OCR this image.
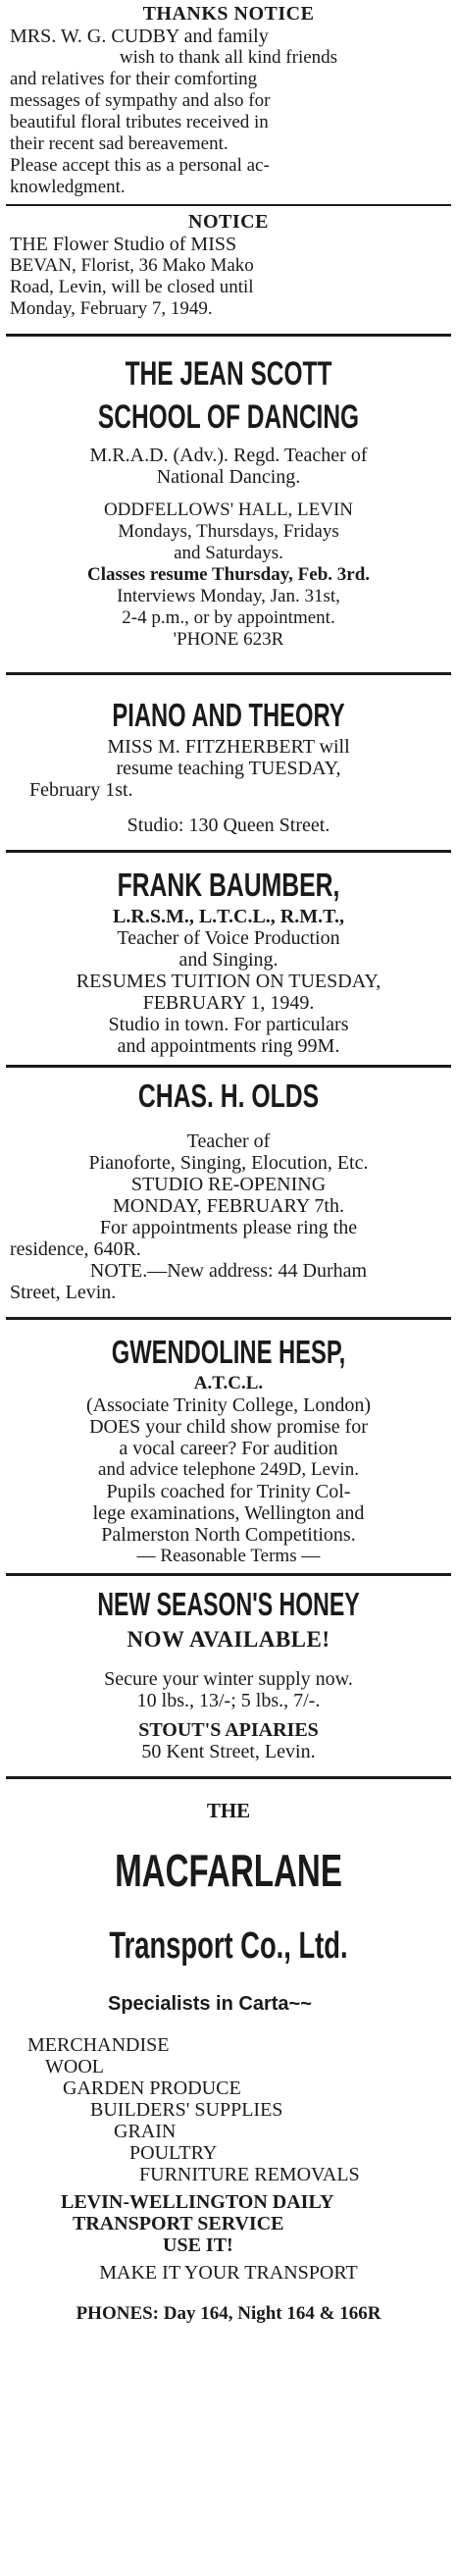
THANKS NOTICE

MRS. W. G. CUDBY and family

wish to thank all kind friends

and relatives for their comforting

messages of sympathy and also for

beautiful floral tributes received in

their recent sad bereavement.

Please accept this as a personal ac-

knowledgment.

NOTICE

THE Flower Studio of MISS

BEVAN, Florist, 36 Mako Mako

Road, Levin, will be closed until

Monday, February 7, 1949.

THE JEAN SCOTT
SCHOOL OF DANCING

M.R.A.D. (Adv.). Regd. Teacher of

National Dancing.

ODDFELLOWS' HALL, LEVIN

Mondays, Thursdays, Fridays

and Saturdays.

Classes resume Thursday, Feb. 3rd.

Interviews Monday, Jan. 31st,

2-4 p.m., or by appointment.

'PHONE 623R

PIANO AND THEORY

MISS M. FITZHERBERT will

resume teaching TUESDAY,

February 1st.

Studio: 130 Queen Street.

FRANK BAUMBER,

L.R.S.M., L.T.C.L., R.M.T.,

Teacher of Voice Production

and Singing.

RESUMES TUITION ON TUESDAY,

FEBRUARY 1, 1949.

Studio in town. For particulars

and appointments ring 99M.

CHAS. H. OLDS

Teacher of

Pianoforte, Singing, Elocution, Etc.

STUDIO RE-OPENING

MONDAY, FEBRUARY 7th.

For appointments please ring the

residence, 640R.

NOTE.—New address: 44 Durham

Street, Levin.

GWENDOLINE HESP,

A.T.C.L.

(Associate Trinity College, London)

DOES your child show promise for

a vocal career? For audition

and advice telephone 249D, Levin.

Pupils coached for Trinity Col-

lege examinations, Wellington and

Palmerston North Competitions.

— Reasonable Terms —

NEW SEASON'S HONEY
NOW AVAILABLE!

Secure your winter supply now.

10 lbs., 13/-; 5 lbs., 7/-.

STOUT'S APIARIES

50 Kent Street, Levin.

THE
MACFARLANE
Transport Co., Ltd.
Specialists in Carta~~

MERCHANDISE

WOOL

GARDEN PRODUCE

BUILDERS' SUPPLIES

GRAIN

POULTRY

FURNITURE REMOVALS

LEVIN-WELLINGTON DAILY

TRANSPORT SERVICE

USE IT!

MAKE IT YOUR TRANSPORT

PHONES: Day 164, Night 164 & 166R
